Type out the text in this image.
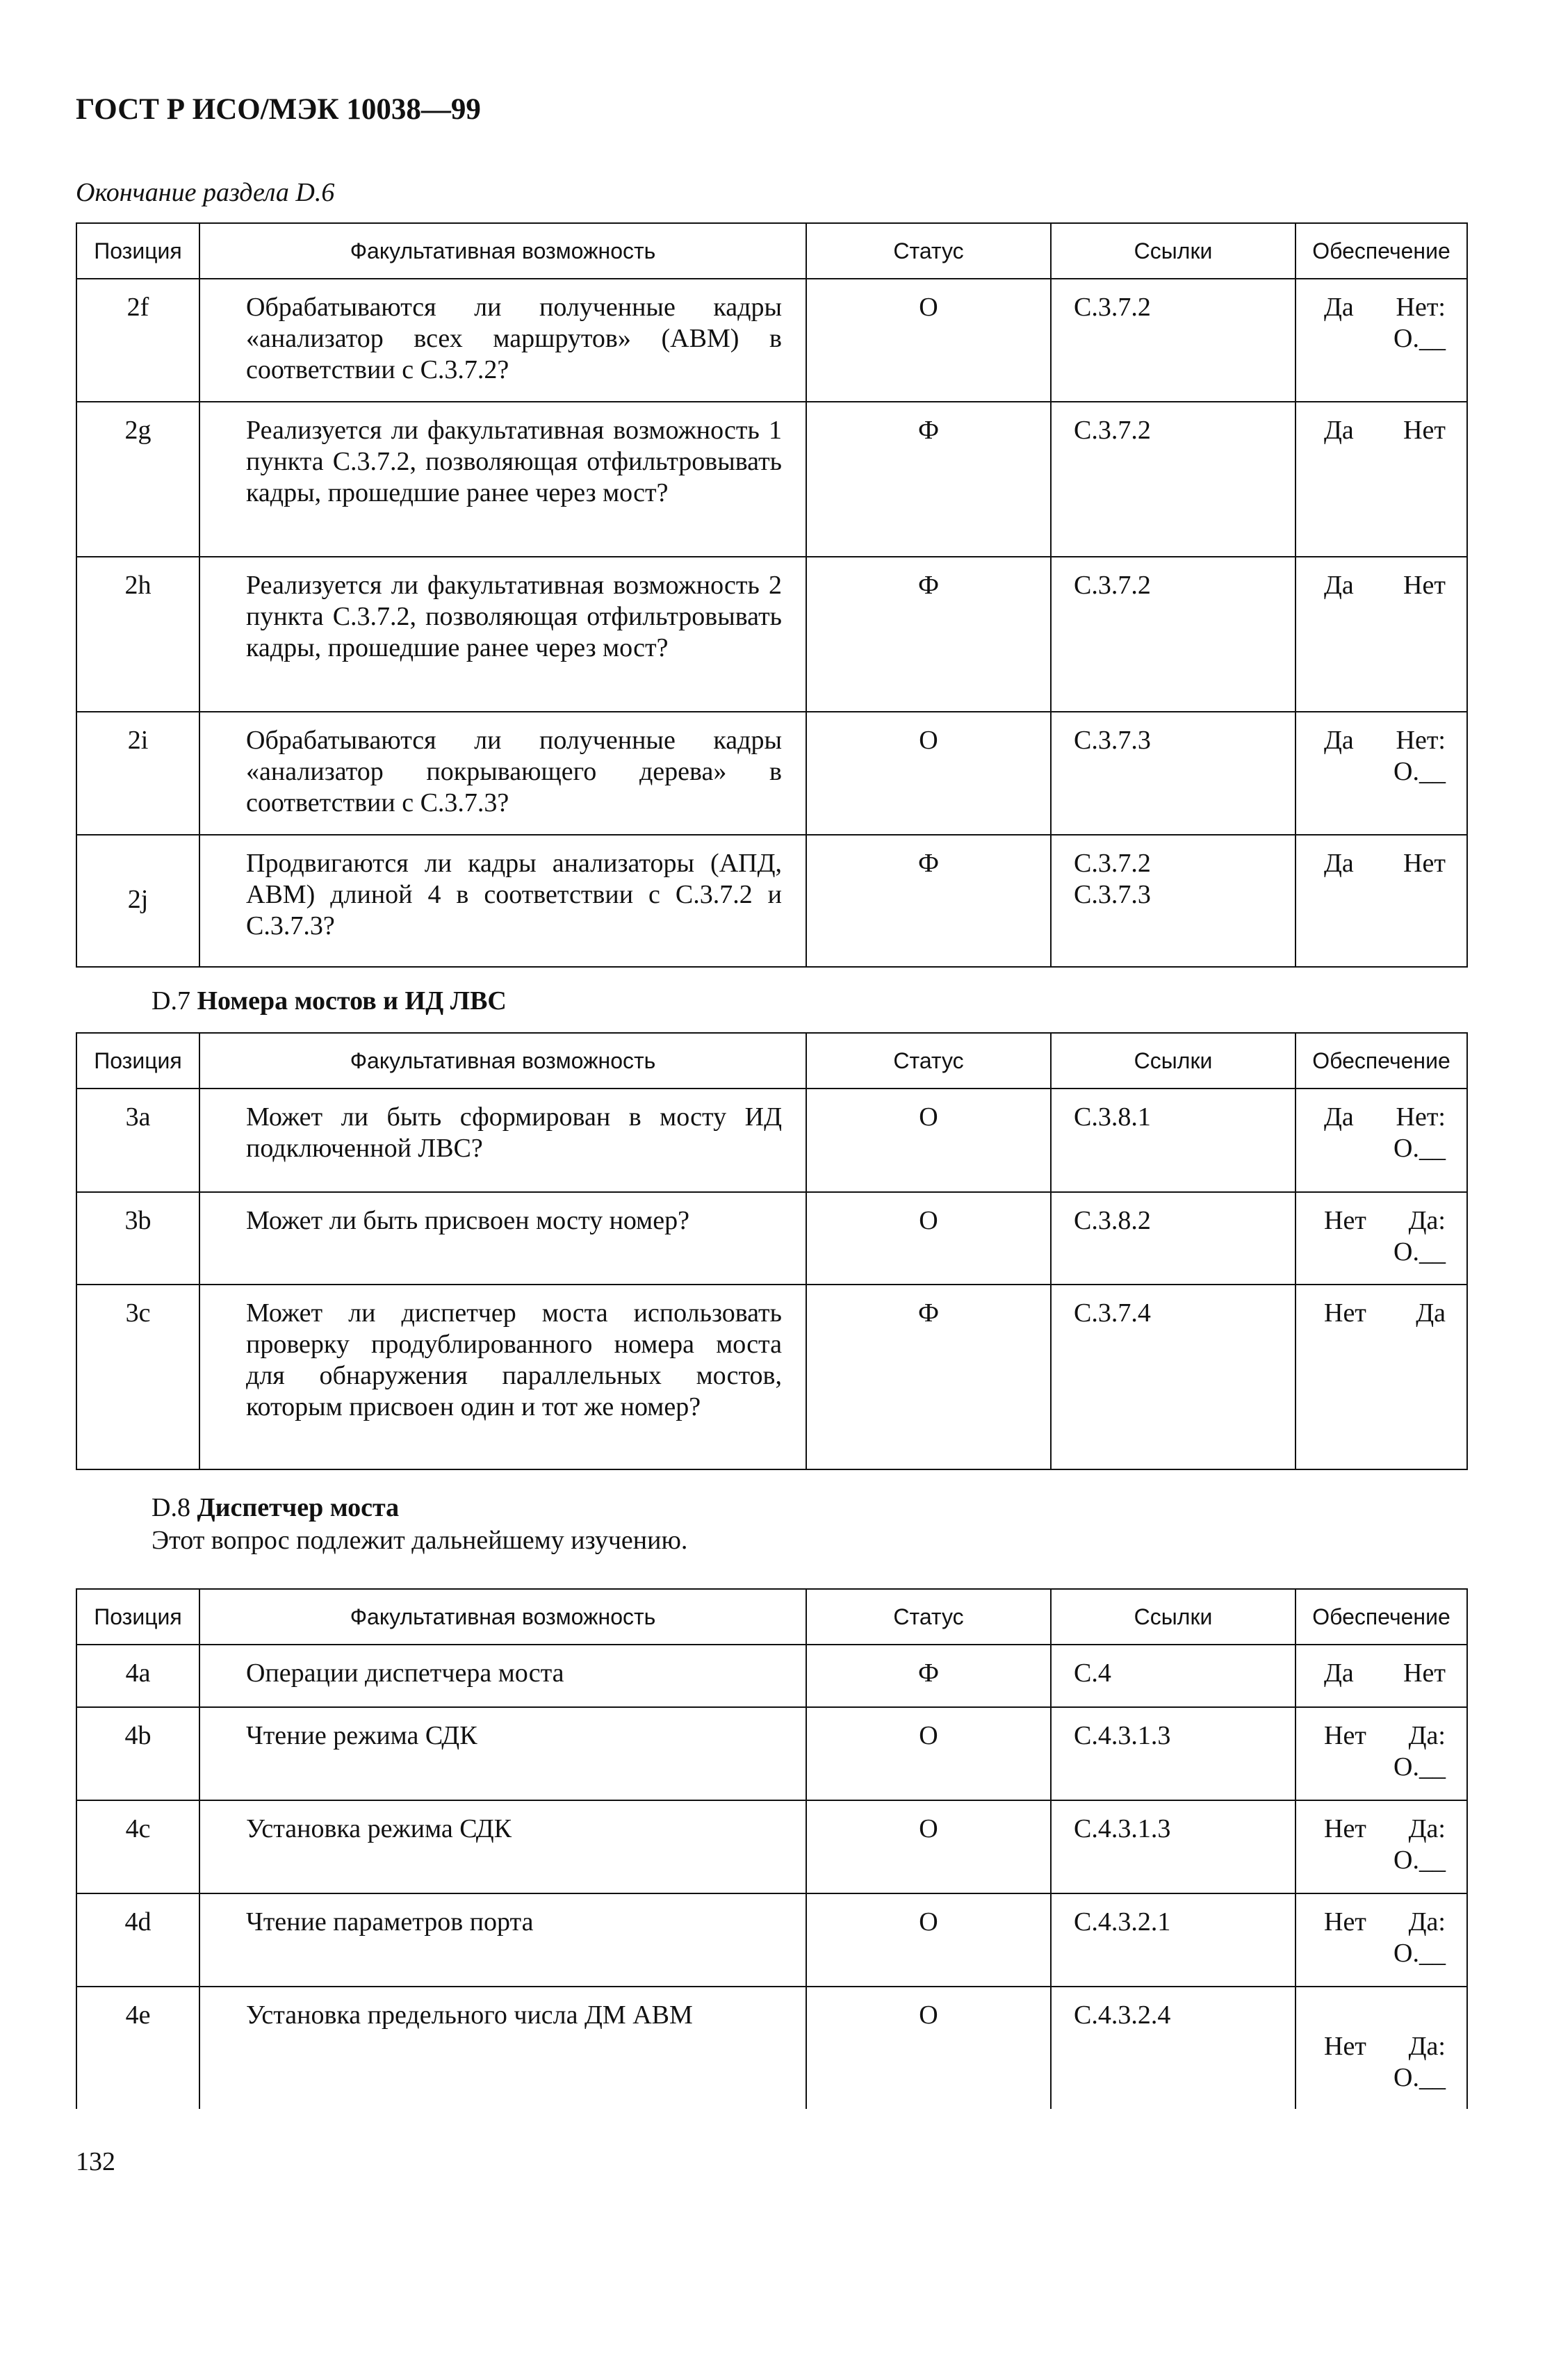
ГОСТ Р ИСО/МЭК 10038—99
Окончание раздела D.6
Позиция	Факультативная возможность	Статус	Ссылки	Обеспечение
2f	Обрабатываются ли полученные кадры «анализатор всех маршрутов» (ABM) в соответствии с С.3.7.2?	О	С.3.7.2	Да Нет:
О.__

2g	Реализуется ли факультативная возможность 1 пункта С.3.7.2, позволяющая отфильтровывать кадры, прошедшие ранее через мост?	Ф	С.3.7.2	Да Нет

2h	Реализуется ли факультативная возможность 2 пункта С.3.7.2, позволяющая отфильтровывать кадры, прошедшие ранее через мост?	Ф	С.3.7.2	Да Нет

2i	Обрабатываются ли полученные кадры «анализатор покрывающего дерева» в соответствии с С.3.7.3?	О	С.3.7.3	Да Нет:
О.__

2j	Продвигаются ли кадры анализаторы (АПД, ABM) длиной 4 в соответствии с С.3.7.2 и С.3.7.3?	Ф	С.3.7.2
С.3.7.3	Да Нет
D.7 Номера мостов и ИД ЛВС
Позиция	Факультативная возможность	Статус	Ссылки	Обеспечение
3a	Может ли быть сформирован в мосту ИД подключенной ЛВС?	О	С.3.8.1	Да Нет:
О.__

3b	Может ли быть присвоен мосту номер?	О	С.3.8.2	Нет Да:
О.__

3c	Может ли диспетчер моста использовать проверку продублированного номера моста для обнаружения параллельных мостов, которым присвоен один и тот же номер?	Ф	С.3.7.4	Нет Да
D.8 Диспетчер моста
Этот вопрос подлежит дальнейшему изучению.
Позиция	Факультативная возможность	Статус	Ссылки	Обеспечение
4a	Операции диспетчера моста	Ф	С.4	Да Нет

4b	Чтение режима СДК	О	С.4.3.1.3	Нет Да:
О.__

4c	Установка режима СДК	О	С.4.3.1.3	Нет Да:
О.__

4d	Чтение параметров порта	О	С.4.3.2.1	Нет Да:
О.__

4e	Установка предельного числа ДМ ABM	О	С.4.3.2.4	Нет Да:
О.__
132
